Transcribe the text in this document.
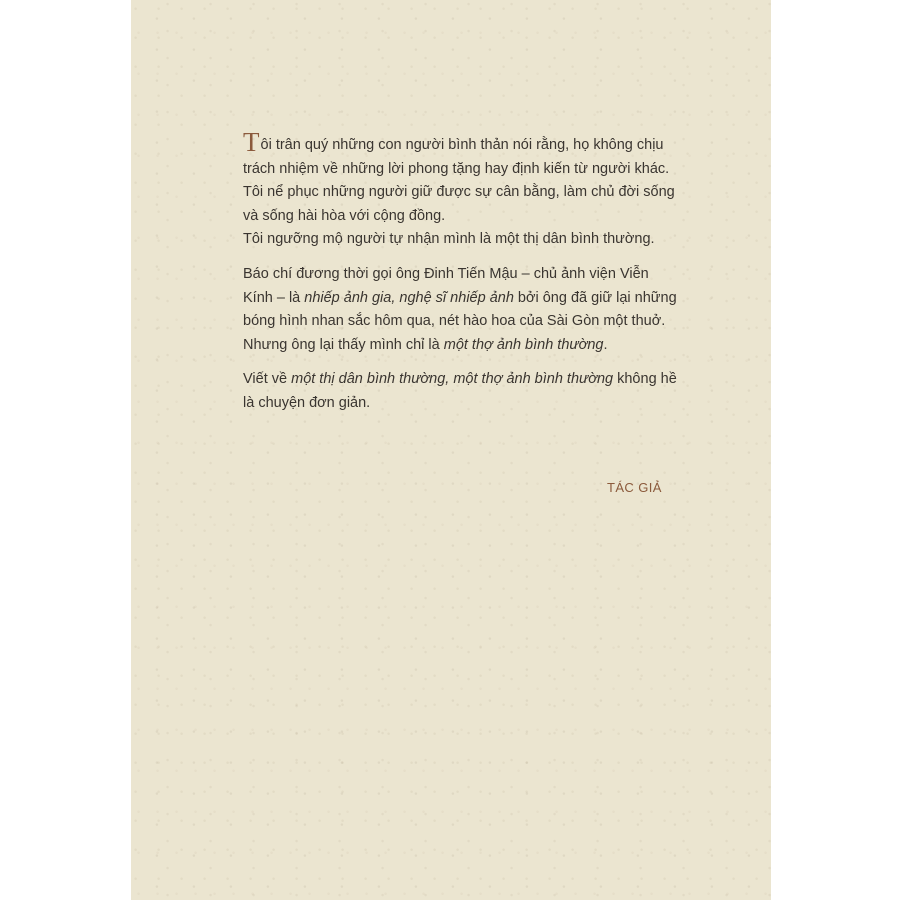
Tôi trân quý những con người bình thản nói rằng, họ không chịu trách nhiệm về những lời phong tặng hay định kiến từ người khác.

Tôi nể phục những người giữ được sự cân bằng, làm chủ đời sống và sống hài hòa với cộng đồng.

Tôi ngưỡng mộ người tự nhận mình là một thị dân bình thường.

Báo chí đương thời gọi ông Đinh Tiến Mậu – chủ ảnh viện Viễn Kính – là nhiếp ảnh gia, nghệ sĩ nhiếp ảnh bởi ông đã giữ lại những bóng hình nhan sắc hôm qua, nét hào hoa của Sài Gòn một thuở. Nhưng ông lại thấy mình chỉ là một thợ ảnh bình thường.

Viết về một thị dân bình thường, một thợ ảnh bình thường không hề là chuyện đơn giản.

TÁC GIẢ
